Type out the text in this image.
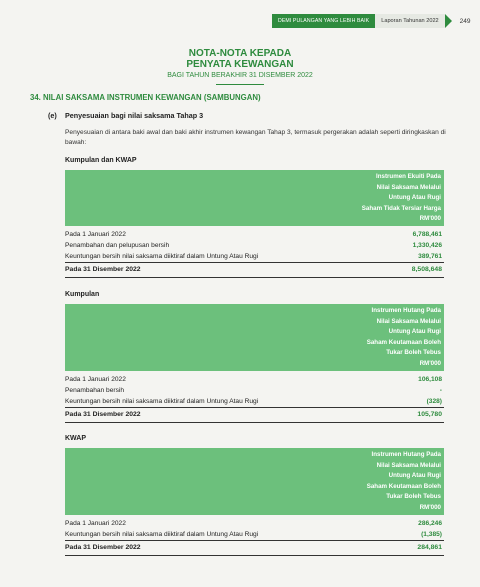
DEMI PULANGAN YANG LEBIH BAIK	Laporan Tahunan 2022	249
NOTA-NOTA KEPADA
PENYATA KEWANGAN
BAGI TAHUN BERAKHIR 31 DISEMBER 2022
34. NILAI SAKSAMA INSTRUMEN KEWANGAN (SAMBUNGAN)
(e) Penyesuaian bagi nilai saksama Tahap 3
Penyesuaian di antara baki awal dan baki akhir instrumen kewangan Tahap 3, termasuk pergerakan adalah seperti diringkaskan di bawah:
Kumpulan dan KWAP
Instrumen Ekuiti Pada
Nilai Saksama Melalui
Untung Atau Rugi
Saham Tidak Tersiar Harga
RM'000
Pada 1 Januari 2022	6,788,461
Penambahan dan pelupusan bersih	1,330,426
Keuntungan bersih nilai saksama diiktiraf dalam Untung Atau Rugi	389,761
Pada 31 Disember 2022	8,508,648
Kumpulan
Instrumen Hutang Pada
Nilai Saksama Melalui
Untung Atau Rugi
Saham Keutamaan Boleh
Tukar Boleh Tebus
RM'000
Pada 1 Januari 2022	106,108
Penambahan bersih	-
Keuntungan bersih nilai saksama diiktiraf dalam Untung Atau Rugi	(328)
Pada 31 Disember 2022	105,780
KWAP
Instrumen Hutang Pada
Nilai Saksama Melalui
Untung Atau Rugi
Saham Keutamaan Boleh
Tukar Boleh Tebus
RM'000
Pada 1 Januari 2022	286,246
Keuntungan bersih nilai saksama diiktiraf dalam Untung Atau Rugi	(1,385)
Pada 31 Disember 2022	284,861
